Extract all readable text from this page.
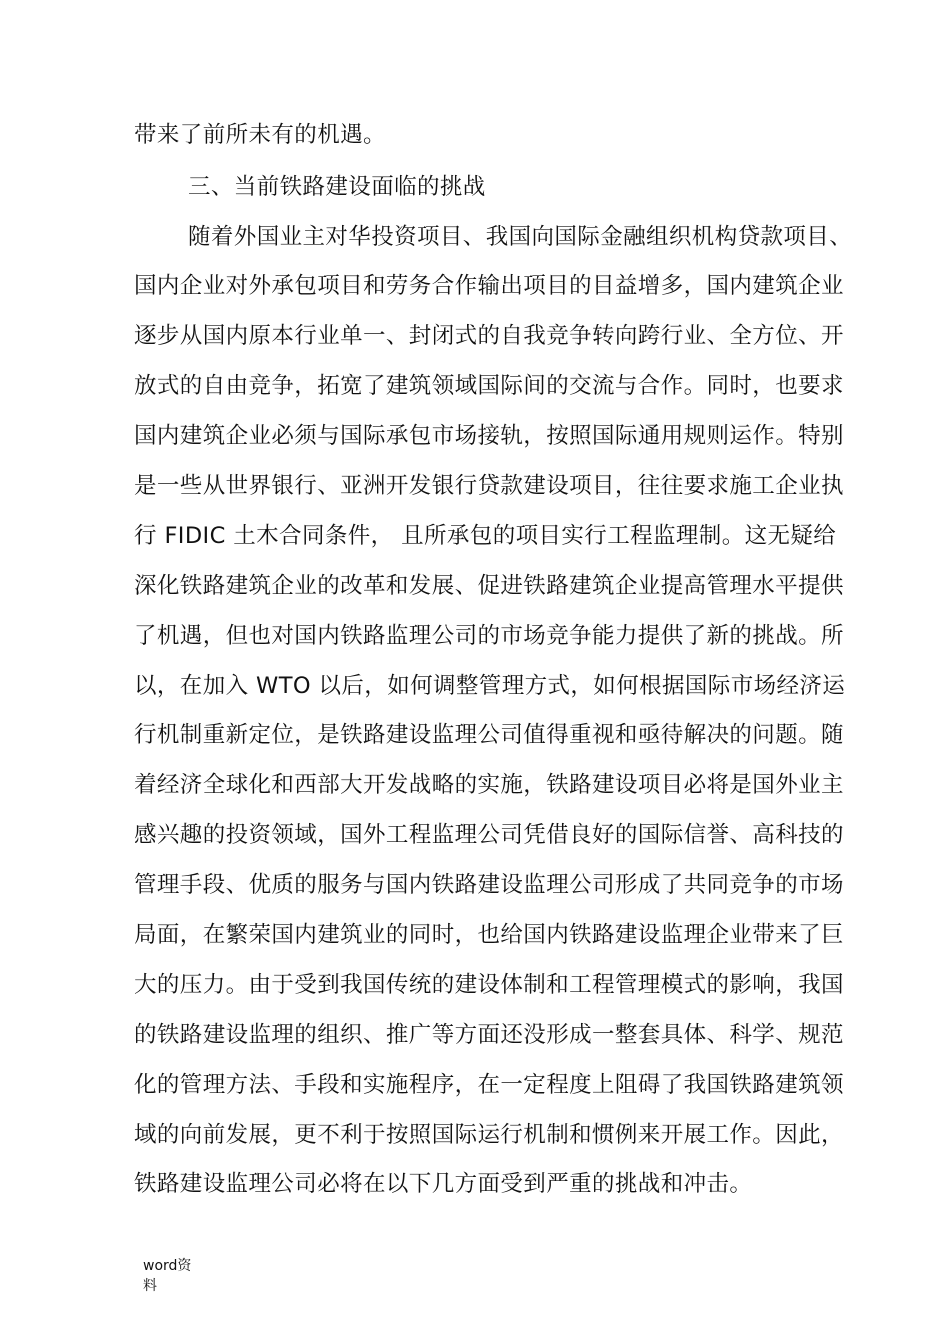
带来了前所未有的机遇。
三、当前铁路建设面临的挑战
随着外国业主对华投资项目、我国向国际金融组织机构贷款项目、
国内企业对外承包项目和劳务合作输出项目的目益增多，国内建筑企业
逐步从国内原本行业单一、封闭式的自我竞争转向跨行业、全方位、开
放式的自由竞争，拓宽了建筑领域国际间的交流与合作。同时，也要求
国内建筑企业必须与国际承包市场接轨，按照国际通用规则运作。特别
是一些从世界银行、亚洲开发银行贷款建设项目，往往要求施工企业执
行 FIDIC 土木合同条件， 且所承包的项目实行工程监理制。这无疑给
深化铁路建筑企业的改革和发展、促进铁路建筑企业提高管理水平提供
了机遇，但也对国内铁路监理公司的市场竞争能力提供了新的挑战。所
以，在加入 WTO 以后，如何调整管理方式，如何根据国际市场经济运
行机制重新定位，是铁路建设监理公司值得重视和亟待解决的问题。随
着经济全球化和西部大开发战略的实施，铁路建设项目必将是国外业主
感兴趣的投资领域，国外工程监理公司凭借良好的国际信誉、高科技的
管理手段、优质的服务与国内铁路建设监理公司形成了共同竞争的市场
局面，在繁荣国内建筑业的同时，也给国内铁路建设监理企业带来了巨
大的压力。由于受到我国传统的建设体制和工程管理模式的影响，我国
的铁路建设监理的组织、推广等方面还没形成一整套具体、科学、规范
化的管理方法、手段和实施程序，在一定程度上阻碍了我国铁路建筑领
域的向前发展，更不利于按照国际运行机制和惯例来开展工作。因此，
铁路建设监理公司必将在以下几方面受到严重的挑战和冲击。
word资料
